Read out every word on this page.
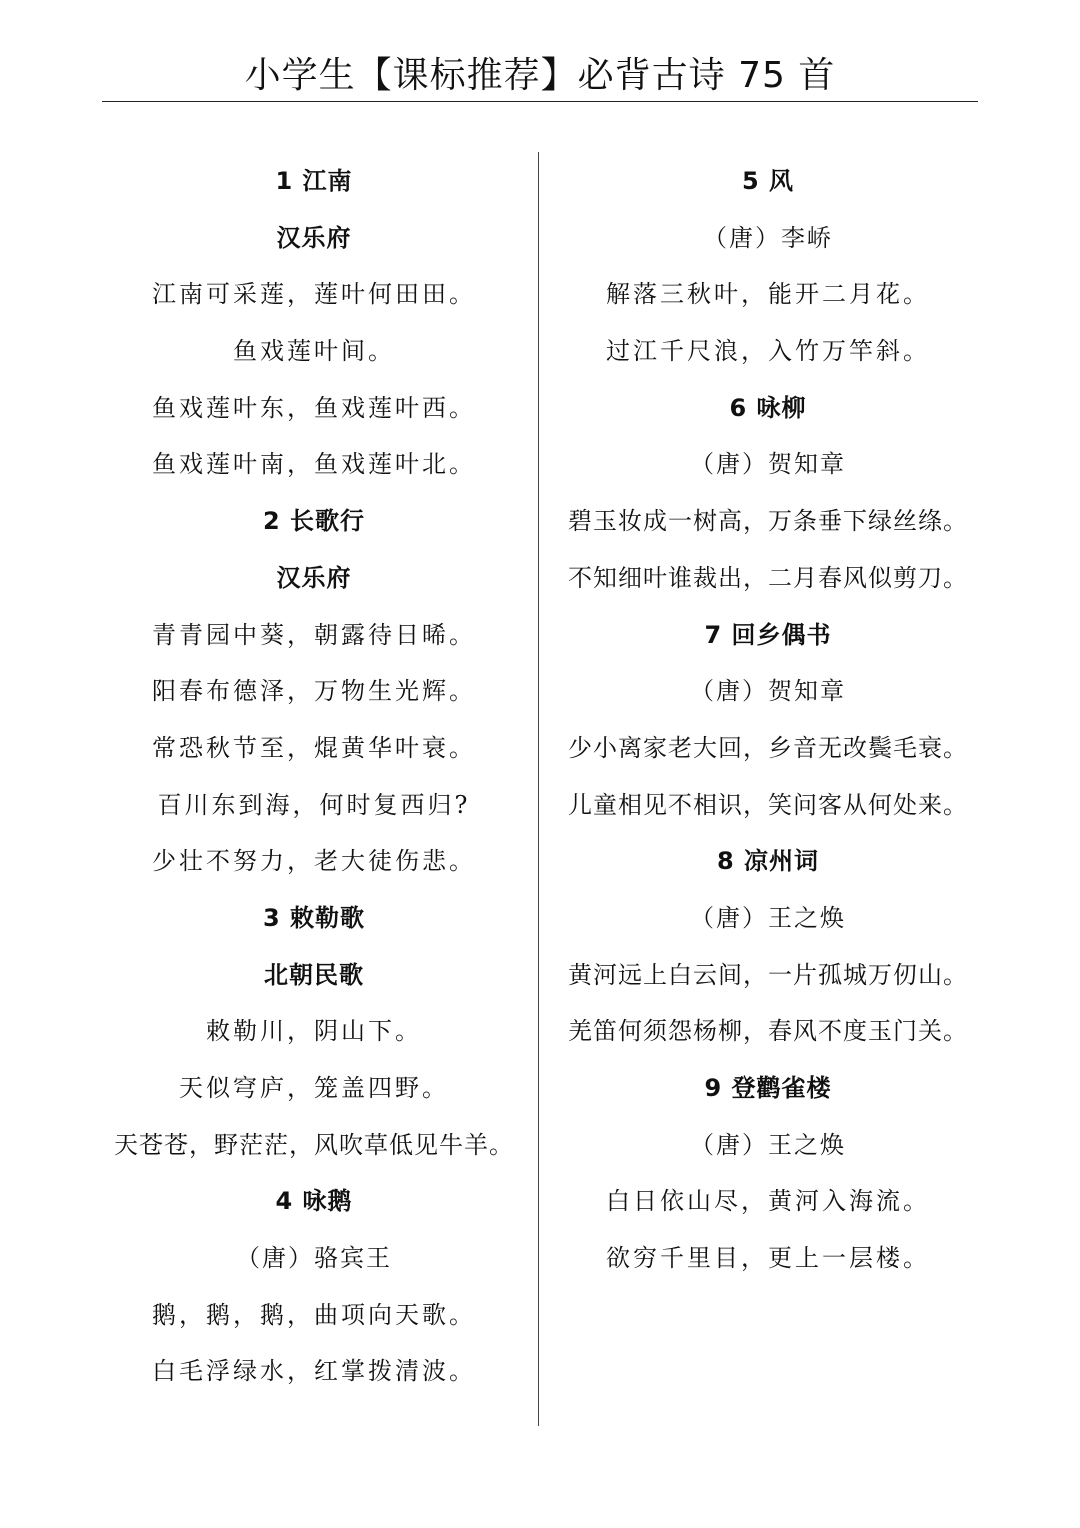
小学生【课标推荐】必背古诗 75 首
1 江南
汉乐府
江南可采莲，莲叶何田田。
鱼戏莲叶间。
鱼戏莲叶东，鱼戏莲叶西。
鱼戏莲叶南，鱼戏莲叶北。
2 长歌行
汉乐府
青青园中葵，朝露待日晞。
阳春布德泽，万物生光辉。
常恐秋节至，焜黄华叶衰。
百川东到海，何时复西归?
少壮不努力，老大徒伤悲。
3 敕勒歌
北朝民歌
敕勒川，阴山下。
天似穹庐，笼盖四野。
天苍苍，野茫茫，风吹草低见牛羊。
4 咏鹅
（唐）骆宾王
鹅，鹅，鹅，曲项向天歌。
白毛浮绿水，红掌拨清波。
5 风
（唐）李峤
解落三秋叶，能开二月花。
过江千尺浪，入竹万竿斜。
6 咏柳
（唐）贺知章
碧玉妆成一树高，万条垂下绿丝绦。
不知细叶谁裁出，二月春风似剪刀。
7 回乡偶书
（唐）贺知章
少小离家老大回，乡音无改鬓毛衰。
儿童相见不相识，笑问客从何处来。
8 凉州词
（唐）王之焕
黄河远上白云间，一片孤城万仞山。
羌笛何须怨杨柳，春风不度玉门关。
9 登鹳雀楼
（唐）王之焕
白日依山尽，黄河入海流。
欲穷千里目，更上一层楼。
